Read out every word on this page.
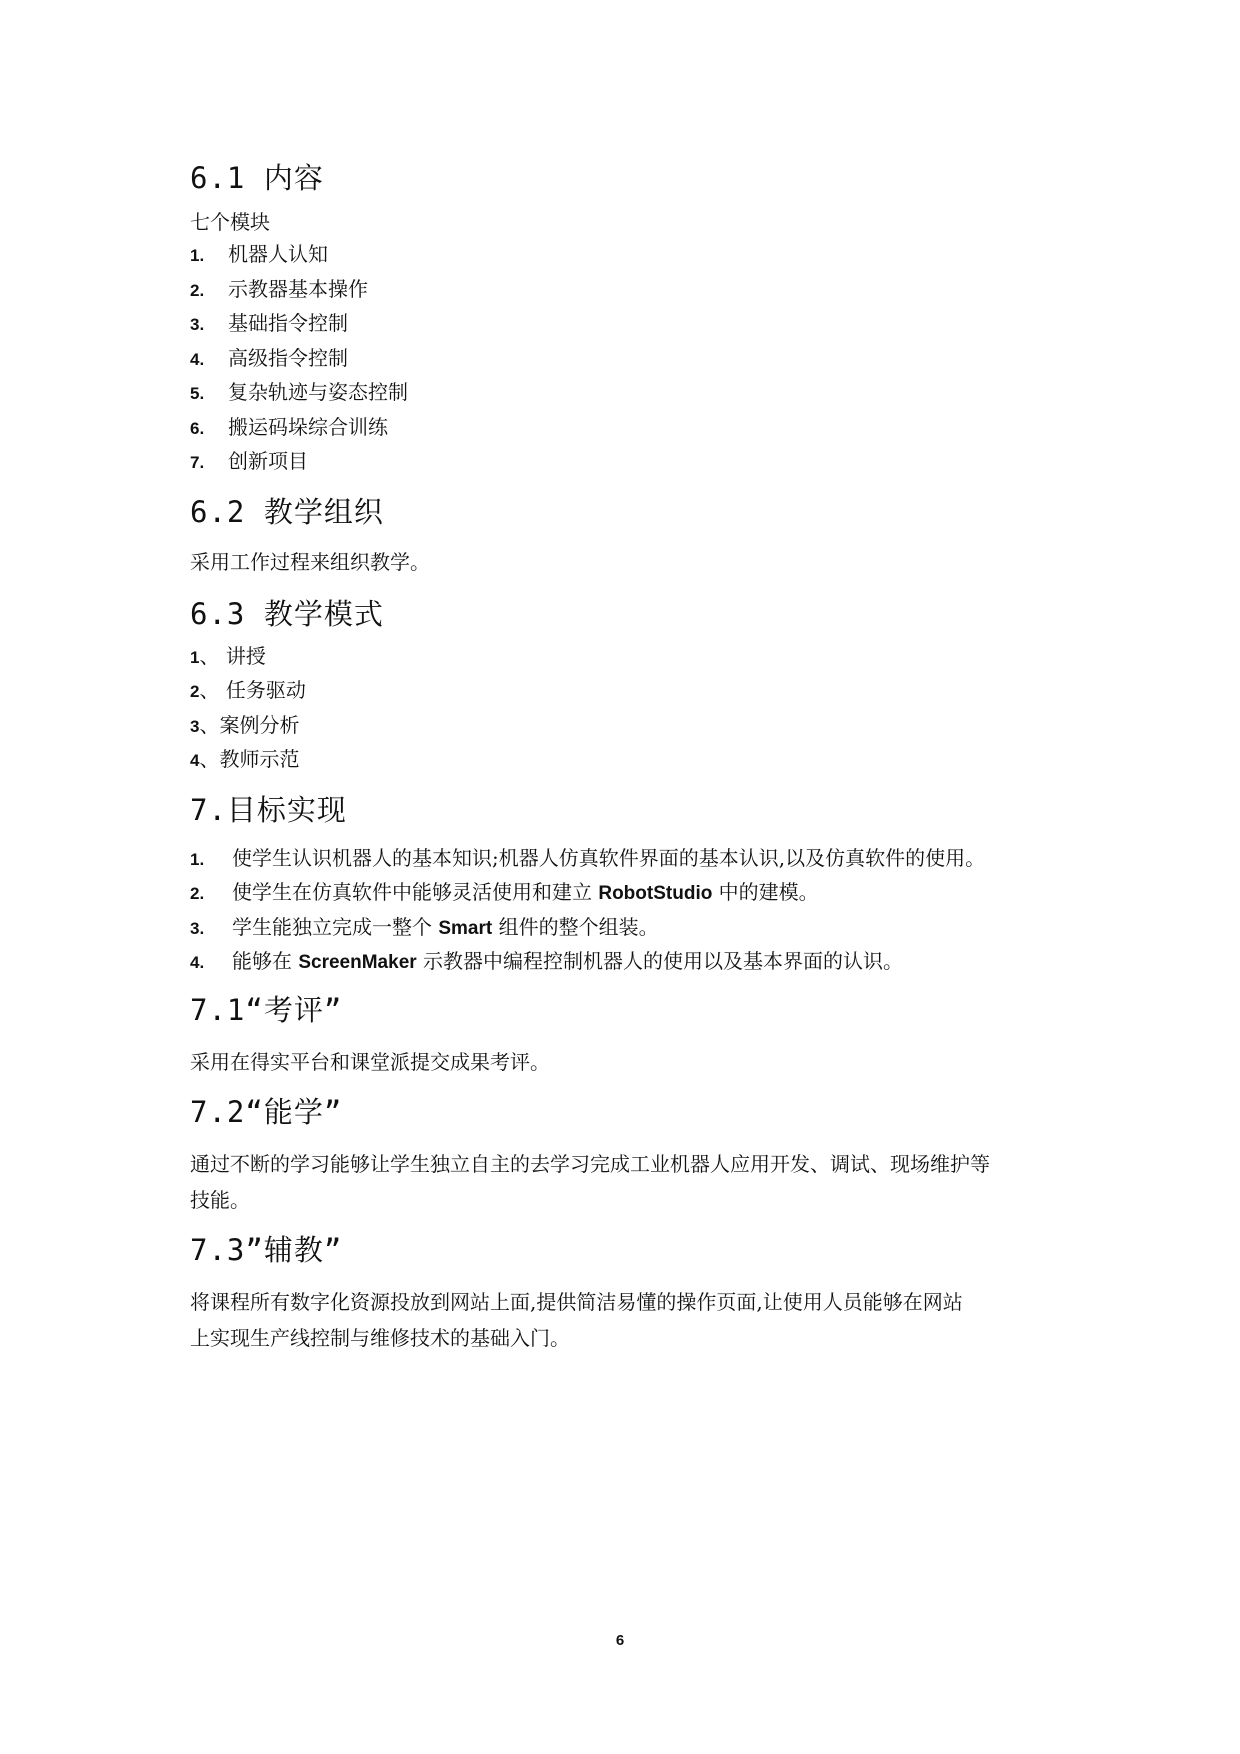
6.1 内容

七个模块

1.	机器人认知
2.	示教器基本操作
3.	基础指令控制
4.	高级指令控制
5.	复杂轨迹与姿态控制
6.	搬运码垛综合训练
7.	创新项目
6.2 教学组织

采用工作过程来组织教学。

6.3 教学模式
1 、 讲授
2 、 任务驱动
3 、案例分析
4 、教师示范
7.目标实现
1.	使学生认识机器人的基本知识;机器人仿真软件界面的基本认识,以及仿真软件的使用。
2.	使学生在仿真软件中能够灵活使用和建立 RobotStudio 中的建模。
3.	学生能独立完成一整个 Smart 组件的整个组装。
4.	能够在 ScreenMaker 示教器中编程控制机器人的使用以及基本界面的认识。
7.1“考评”

采用在得实平台和课堂派提交成果考评。

7.2“能学”

通过不断的学习能够让学生独立自主的去学习完成工业机器人应用开发、调试、现场维护等

技能。

7.3”辅教”

将课程所有数字化资源投放到网站上面,提供简洁易懂的操作页面,让使用人员能够在网站

上实现生产线控制与维修技术的基础入门。

6
